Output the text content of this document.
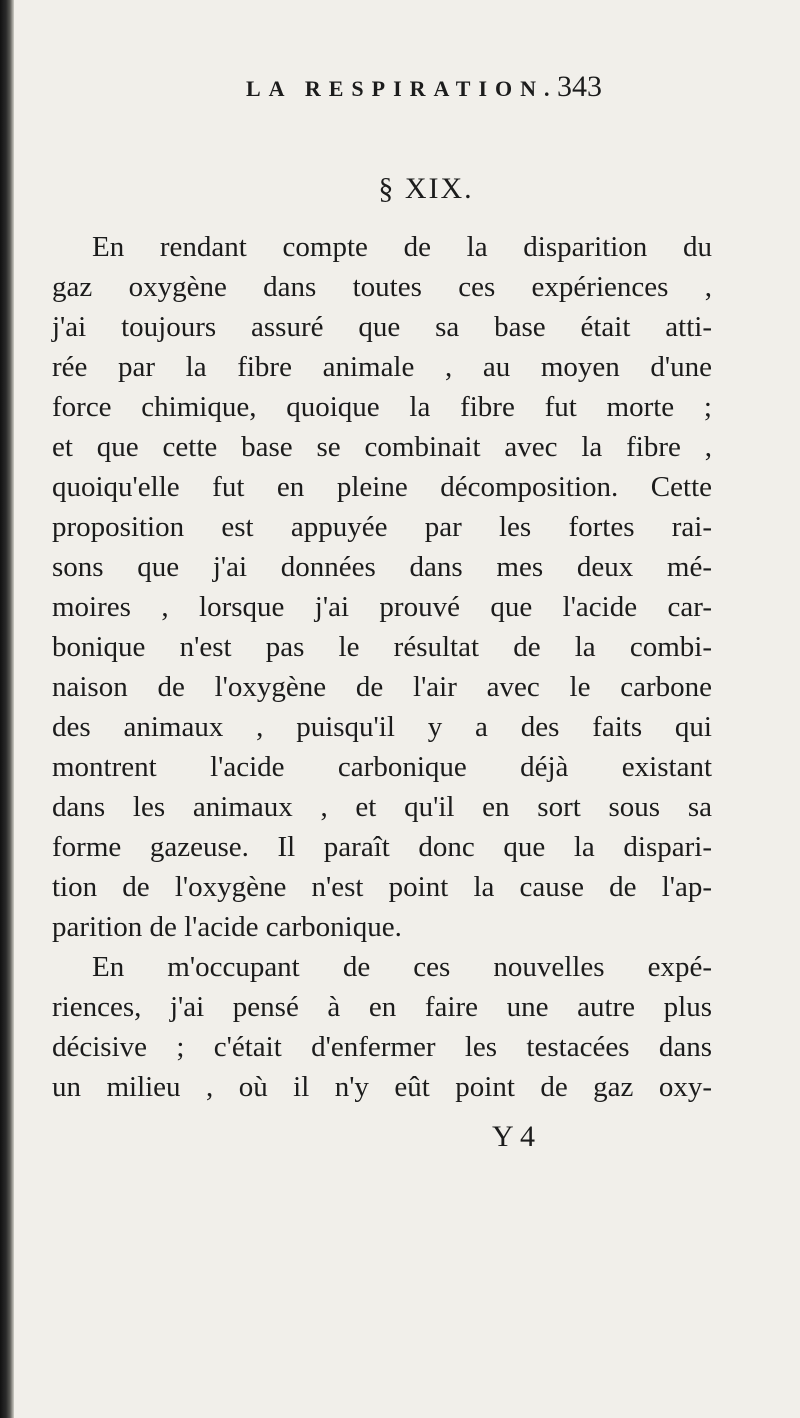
LA RESPIRATION. 343
§ XIX.
En rendant compte de la disparition du
gaz oxygène dans toutes ces expériences ,
j'ai toujours assuré que sa base était atti-
rée par la fibre animale , au moyen d'une
force chimique, quoique la fibre fut morte ;
et que cette base se combinait avec la fibre ,
quoiqu'elle fut en pleine décomposition. Cette
proposition est appuyée par les fortes rai-
sons que j'ai données dans mes deux mé-
moires , lorsque j'ai prouvé que l'acide car-
bonique n'est pas le résultat de la combi-
naison de l'oxygène de l'air avec le carbone
des animaux , puisqu'il y a des faits qui
montrent l'acide carbonique déjà existant
dans les animaux , et qu'il en sort sous sa
forme gazeuse. Il paraît donc que la dispari-
tion de l'oxygène n'est point la cause de l'ap-
parition de l'acide carbonique.
En m'occupant de ces nouvelles expé-
riences, j'ai pensé à en faire une autre plus
décisive ; c'était d'enfermer les testacées dans
un milieu , où il n'y eût point de gaz oxy-
Y 4
